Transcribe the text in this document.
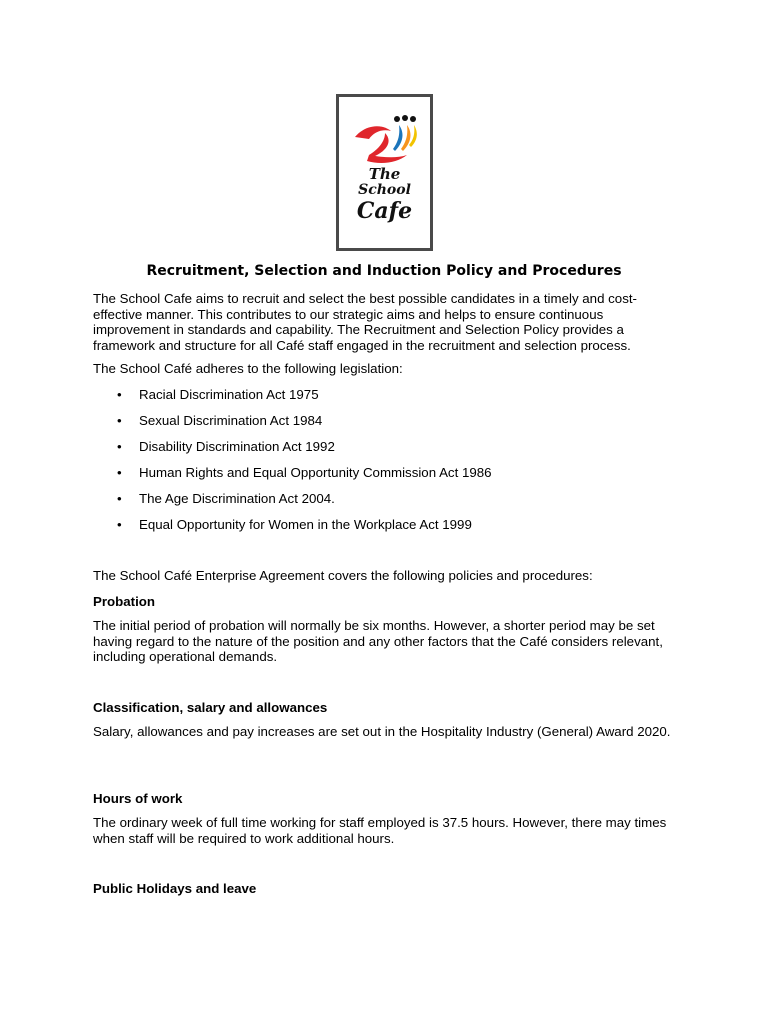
The
School
Cafe
Recruitment, Selection and Induction Policy and Procedures

The School Cafe aims to recruit and select the best possible candidates in a timely and cost-effective manner. This contributes to our strategic aims and helps to ensure continuous improvement in standards and capability. The Recruitment and Selection Policy provides a framework and structure for all Café staff engaged in the recruitment and selection process.

The School Café adheres to the following legislation:

• Racial Discrimination Act 1975
• Sexual Discrimination Act 1984
• Disability Discrimination Act 1992
• Human Rights and Equal Opportunity Commission Act 1986
• The Age Discrimination Act 2004.
• Equal Opportunity for Women in the Workplace Act 1999

The School Café Enterprise Agreement covers the following policies and procedures:

Probation

The initial period of probation will normally be six months. However, a shorter period may be set having regard to the nature of the position and any other factors that the Café considers relevant, including operational demands.

Classification, salary and allowances

Salary, allowances and pay increases are set out in the Hospitality Industry (General) Award 2020.

Hours of work

The ordinary week of full time working for staff employed is 37.5 hours. However, there may times when staff will be required to work additional hours.

Public Holidays and leave
